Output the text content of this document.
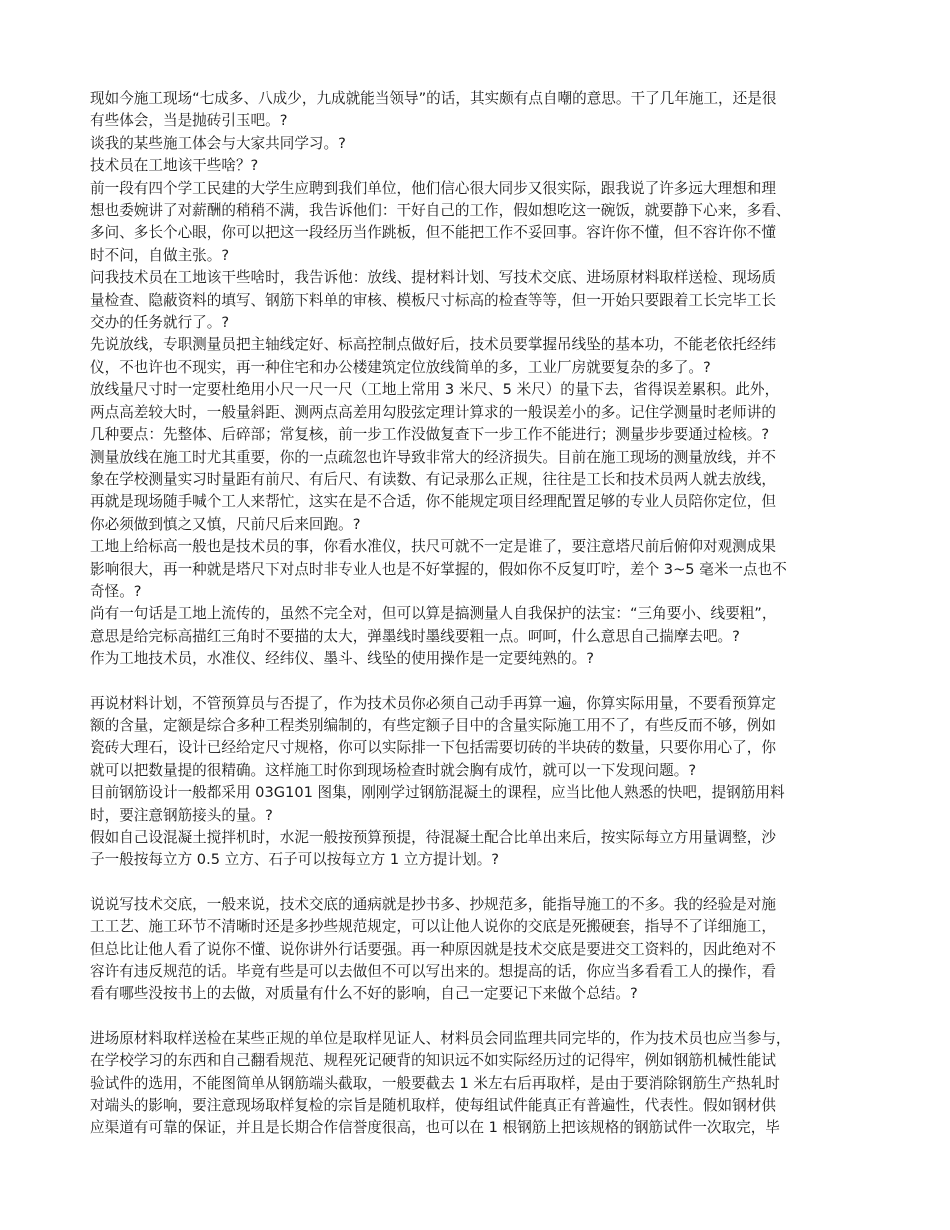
现如今施工现场“七成多、八成少，九成就能当领导”的话，其实颇有点自嘲的意思。干了几年施工，还是很
有些体会，当是抛砖引玉吧。?

谈我的某些施工体会与大家共同学习。?

技术员在工地该干些啥？?

前一段有四个学工民建的大学生应聘到我们单位，他们信心很大同步又很实际，跟我说了许多远大理想和理
想也委婉讲了对薪酬的稍稍不满，我告诉他们：干好自己的工作，假如想吃这一碗饭，就要静下心来，多看、
多问、多长个心眼，你可以把这一段经历当作跳板，但不能把工作不妥回事。容许你不懂，但不容许你不懂
时不问，自做主张。?

问我技术员在工地该干些啥时，我告诉他：放线、提材料计划、写技术交底、进场原材料取样送检、现场质
量检查、隐蔽资料的填写、钢筋下料单的审核、模板尺寸标高的检查等等，但一开始只要跟着工长完毕工长
交办的任务就行了。?

先说放线，专职测量员把主轴线定好、标高控制点做好后，技术员要掌握吊线坠的基本功，不能老依托经纬
仪，不也许也不现实，再一种住宅和办公楼建筑定位放线简单的多，工业厂房就要复杂的多了。?

放线量尺寸时一定要杜绝用小尺一尺一尺（工地上常用 3 米尺、5 米尺）的量下去，省得误差累积。此外，
两点高差较大时，一般量斜距、测两点高差用勾股弦定理计算求的一般误差小的多。记住学测量时老师讲的
几种要点：先整体、后碎部；常复核，前一步工作没做复查下一步工作不能进行；测量步步要通过检核。?

测量放线在施工时尤其重要，你的一点疏忽也许导致非常大的经济损失。目前在施工现场的测量放线，并不
象在学校测量实习时量距有前尺、有后尺、有读数、有记录那么正规，往往是工长和技术员两人就去放线，
再就是现场随手喊个工人来帮忙，这实在是不合适，你不能规定项目经理配置足够的专业人员陪你定位，但
你必须做到慎之又慎，尺前尺后来回跑。?

工地上给标高一般也是技术员的事，你看水准仪，扶尺可就不一定是谁了，要注意塔尺前后俯仰对观测成果
影响很大，再一种就是塔尺下对点时非专业人也是不好掌握的，假如你不反复叮咛，差个 3~5 毫米一点也不
奇怪。?

尚有一句话是工地上流传的，虽然不完全对，但可以算是搞测量人自我保护的法宝：“三角要小、线要粗”，
意思是给完标高描红三角时不要描的太大，弹墨线时墨线要粗一点。呵呵，什么意思自己揣摩去吧。?

作为工地技术员，水准仪、经纬仪、墨斗、线坠的使用操作是一定要纯熟的。?

再说材料计划，不管预算员与否提了，作为技术员你必须自己动手再算一遍，你算实际用量，不要看预算定
额的含量，定额是综合多种工程类别编制的，有些定额子目中的含量实际施工用不了，有些反而不够，例如
瓷砖大理石，设计已经给定尺寸规格，你可以实际排一下包括需要切砖的半块砖的数量，只要你用心了，你
就可以把数量提的很精确。这样施工时你到现场检查时就会胸有成竹，就可以一下发现问题。?

目前钢筋设计一般都采用 03G101 图集，刚刚学过钢筋混凝土的课程，应当比他人熟悉的快吧，提钢筋用料
时，要注意钢筋接头的量。?

假如自己设混凝土搅拌机时，水泥一般按预算预提，待混凝土配合比单出来后，按实际每立方用量调整，沙
子一般按每立方 0.5 立方、石子可以按每立方 1 立方提计划。?

说说写技术交底，一般来说，技术交底的通病就是抄书多、抄规范多，能指导施工的不多。我的经验是对施
工工艺、施工环节不清晰时还是多抄些规范规定，可以让他人说你的交底是死搬硬套，指导不了详细施工，
但总比让他人看了说你不懂、说你讲外行话要强。再一种原因就是技术交底是要进交工资料的，因此绝对不
容许有违反规范的话。毕竟有些是可以去做但不可以写出来的。想提高的话，你应当多看看工人的操作，看
看有哪些没按书上的去做，对质量有什么不好的影响，自己一定要记下来做个总结。?

进场原材料取样送检在某些正规的单位是取样见证人、材料员会同监理共同完毕的，作为技术员也应当参与，
在学校学习的东西和自己翻看规范、规程死记硬背的知识远不如实际经历过的记得牢，例如钢筋机械性能试
验试件的选用，不能图简单从钢筋端头截取，一般要截去 1 米左右后再取样，是由于要消除钢筋生产热轧时
对端头的影响，要注意现场取样复检的宗旨是随机取样，使每组试件能真正有普遍性，代表性。假如钢材供
应渠道有可靠的保证，并且是长期合作信誉度很高，也可以在 1 根钢筋上把该规格的钢筋试件一次取完，毕
